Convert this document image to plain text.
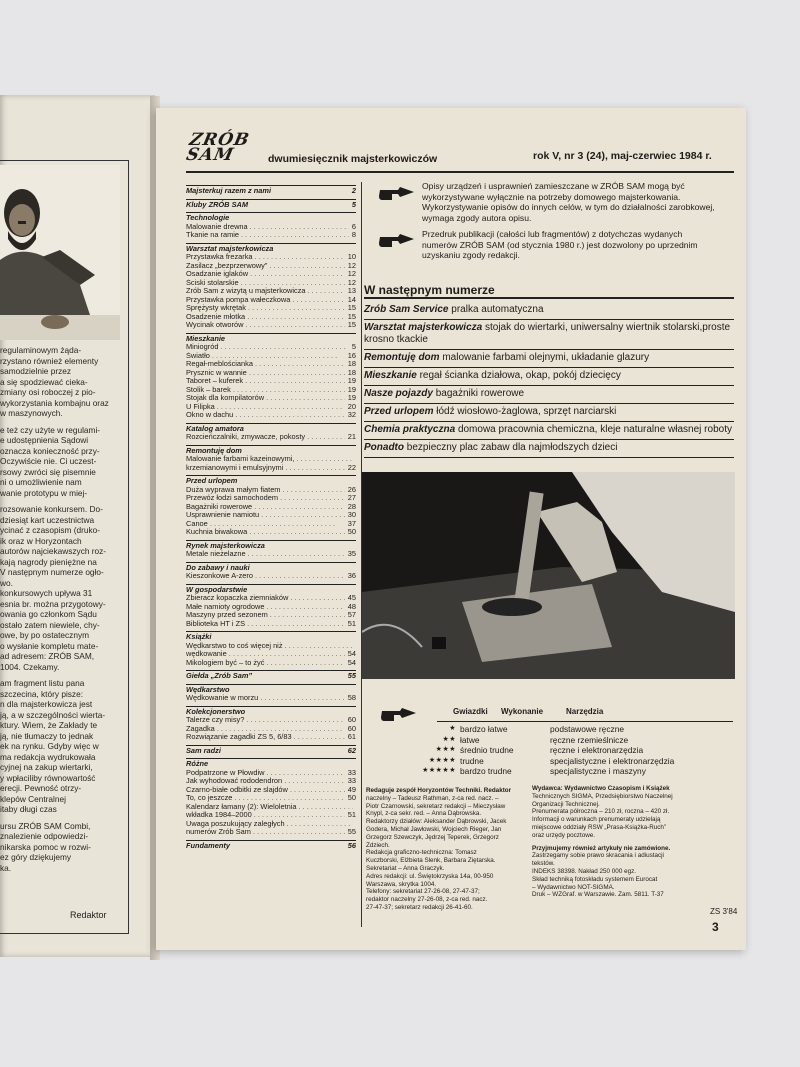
regulaminowym żąda-
rzystano również elementy
samodzielnie przez
a się spodziewać cieka-
zmiany osi roboczej z pio-
wykorzystania kombajnu oraz
w maszynowych.
e też czy użyte w regulami-
e udostępnienia Sądowi
oznacza konieczność przy-
Oczywiście nie. Ci uczest-
rsowy zwróci się pisemnie
ni o umożliwienie nam
wanie prototypu w miej-
rozsowanie konkursem. Do-
dziesiąt kart uczestnictwa
ycinać z czasopism (druko-
ik oraz w Horyzontach
autorów najciekawszych roz-
kają nagrody pieniężne na
V następnym numerze ogło-
wo.
konkursowych upływa 31
esnia br. można przygotowy-
owania go członkom Sądu
ostało zatem niewiele, chy-
owe, by po ostatecznym
o wysłanie kompletu mate-
ad adresem: ZRÓB SAM,
1004. Czekamy.
am fragment listu pana
szczecina, który pisze:
n dla majsterkowicza jest
ją, a w szczególności wierta-
ktury. Wiem, że Zakłady te
ją, nie tłumaczy to jednak
ek na rynku. Gdyby więc w
ma redakcja wydrukowała
cyjnej na zakup wiertarki,
y wpłaciliby równowartość
erecji. Pewność otrzy-
klepów Centralnej
itaby długi czas
ursu ZRÓB SAM Combi,
znalezienie odpowiedzi-
nikarska pomoc w rozwi-
ez góry dziękujemy
ka.
Redaktor
ZRÓB SAM	dwumiesięcznik majsterkowiczów	rok V, nr 3 (24), maj-czerwiec 1984 r.
Majsterkuj razem z nami	2
Kluby ZRÓB SAM	5
Technologie
Malowanie drewna . . .	6
Tkanie na ramie . . .	8
Warsztat majsterkowicza
Przystawka frezarka . . .	10
Zasilacz „bezprzerwowy” . . .	12
Osadzanie iglaków . . .	12
Ściski stolarskie . . .	12
Zrób Sam z wizytą u majsterkowicza . . .	13
Przystawka pompa wałeczkowa . . .	14
Sprężysty wkrętak . . .	15
Osadzenie młotka . . .	15
Wycinak otworów . . .	15
Mieszkanie
Miniogród . . .	5
Światło . . .	16
Regał-meblościanka . . .	18
Prysznic w wannie . . .	18
Taboret – kuferek . . .	19
Stolik – barek . . .	19
Stojak dla kompilatorów . . .	19
U Filipka . . .	20
Okno w dachu . . .	32
Katalog amatora
Rozcieńczalniki, zmywacze, pokosty . . .	21
Remontuję dom
Malowanie farbami kazeinowymi, . . .
krzemianowymi i emulsyjnymi . . .	22
Przed urlopem
Duża wyprawa małym fiatem . . .	26
Przewóz łodzi samochodem . . .	27
Bagażniki rowerowe . . .	28
Usprawnienie namiotu . . .	30
Canoe . . .	37
Kuchnia biwakowa . . .	50
Rynek majsterkowicza
Metale nieżelazne . . .	35
Do zabawy i nauki
Kieszonkowe A-zero . . .	36
W gospodarstwie
Zbieracz kopaczka ziemniaków . . .	45
Małe namioty ogrodowe . . .	48
Maszyny przed sezonem . . .	57
Biblioteka HT i ZS . . .	51
Książki
Wędkarstwo to coś więcej niż . . .
wędkowanie . . .	54
Mikologiem być – to żyć . . .	54
Giełda „Zrób Sam”	55
Wędkarstwo
Wędkowanie w morzu . . .	58
Kolekcjonerstwo
Talerze czy misy? . . .	60
Zagadka . . .	60
Rozwiązanie zagadki ZS 5, 6/83 . . .	61
Sam radzi	62
Różne
Podpatrzone w Płowdiw . . .	33
Jak wyhodować rododendron . . .	33
Czarno-białe odbitki ze slajdów . . .	49
To, co jeszcze . . .	50
Kalendarz łamany (2): Wieloletnia . . .
wkładka 1984–2000 . . .	51
Uwaga poszukujący zaległych . . .
numerów Zrób Sam . . .	55
Fundamenty	56
Opisy urządzeń i usprawnień zamieszczane w ZRÓB SAM mogą być wykorzystywane wyłącznie na potrzeby domowego majsterkowania. Wykorzystywanie opisów do innych celów, w tym do działalności zarobkowej, wymaga zgody autora opisu.
Przedruk publikacji (całości lub fragmentów) z dotychczas wydanych numerów ZRÓB SAM (od stycznia 1980 r.) jest dozwolony po uprzednim uzyskaniu zgody redakcji.
W następnym numerze
Zrób Sam Service pralka automatyczna
Warsztat majsterkowicza stojak do wiertarki, uniwersalny wiertnik stolarski,proste krosno tkackie
Remontuję dom malowanie farbami olejnymi, układanie glazury
Mieszkanie regał ścianka działowa, okap, pokój dziecięcy
Nasze pojazdy bagażniki rowerowe
Przed urlopem łódź wiosłowo-żaglowa, sprzęt narciarski
Chemia praktyczna domowa pracownia chemiczna, kleje naturalne własnej roboty
Ponadto bezpieczny plac zabaw dla najmłodszych dzieci
Gwiazdki Wykonanie	Narzędzia
★ bardzo łatwe	podstawowe ręczne
★★ łatwe	ręczne rzemieślnicze
★★★ średnio trudne	ręczne i elektronarzędzia
★★★★ trudne	specjalistyczne i elektronarzędzia
★★★★★ bardzo trudne	specjalistyczne i maszyny
Redaguje zespół Horyzontów Techniki. Redaktor
naczelny – Tadeusz Rathman, z-ca red. nacz. –
Piotr Czarnowski, sekretarz redakcji – Mieczysław
Knypl, z-ca sekr. red. – Anna Dąbrowska.
Redaktorzy działów: Aleksander Dąbrowski, Jacek
Godera, Michał Jawłowski, Wojciech Rieger, Jan
Grzegorz Szewczyk, Jędrzej Teperek, Grzegorz
Zdziech.
Redakcja graficzno-techniczna: Tomasz
Kuczborski, Elżbieta Slenk, Barbara Ziętarska.
Sekretariat – Anna Graczyk.
Adres redakcji: ul. Świętokrzyska 14a, 00-950
Warszawa, skrytka 1004.
Telefony: sekretariat 27-26-08, 27-47-37;
redaktor naczelny 27-26-08, z-ca red. nacz.
27-47-37; sekretarz redakcji 26-41-60.
Wydawca: Wydawnictwo Czasopism i Książek
Technicznych SIGMA, Przedsiębiorstwo Naczelnej
Organizacji Technicznej.
Prenumerata półroczna – 210 zł, roczna – 420 zł.
Informacji o warunkach prenumeraty udzielają
miejscowe oddziały RSW „Prasa-Książka-Ruch”
oraz urzędy pocztowe.
Przyjmujemy również artykuły nie zamówione.
Zastrzegamy sobie prawo skracania i adiustacji
tekstów.
INDEKS 38398. Nakład 250 000 egz.
Skład techniką fotoskładu systemem Eurocat
– Wydawnictwo NOT-SIGMA.
Druk – WZGraf. w Warszawie. Zam. 5811. T-37
ZS 3'84
3
